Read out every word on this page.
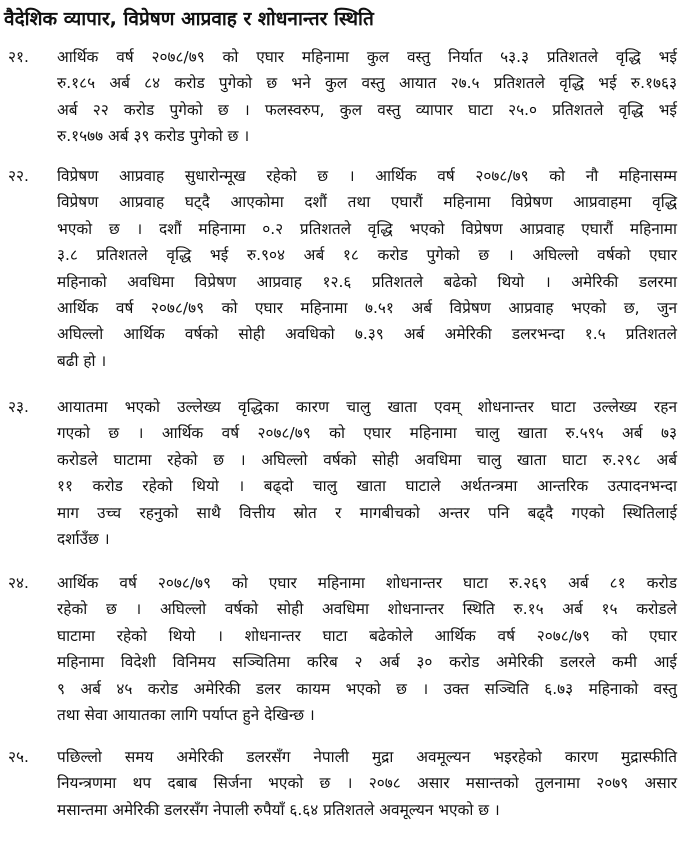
वैदेशिक व्यापार, विप्रेषण आप्रवाह र शोधनान्तर स्थिति
२१. आर्थिक वर्ष २०७८/७९ को एघार महिनामा कुल वस्तु निर्यात ५३.३ प्रतिशतले वृद्धि भई
रु.१८५ अर्ब ८४ करोड पुगेको छ भने कुल वस्तु आयात २७.५ प्रतिशतले वृद्धि भई रु.१७६३
अर्ब २२ करोड पुगेको छ । फलस्वरुप, कुल वस्तु व्यापार घाटा २५.० प्रतिशतले वृद्धि भई
रु.१५७७ अर्ब ३९ करोड पुगेको छ ।
२२. विप्रेषण आप्रवाह सुधारोन्मूख रहेको छ । आर्थिक वर्ष २०७८/७९ को नौ महिनासम्म
विप्रेषण आप्रवाह घट्दै आएकोमा दशौं तथा एघारौं महिनामा विप्रेषण आप्रवाहमा वृद्धि
भएको छ । दशौं महिनामा ०.२ प्रतिशतले वृद्धि भएको विप्रेषण आप्रवाह एघारौं महिनामा
३.८ प्रतिशतले वृद्धि भई रु.९०४ अर्ब १८ करोड पुगेको छ । अघिल्लो वर्षको एघार
महिनाको अवधिमा विप्रेषण आप्रवाह १२.६ प्रतिशतले बढेको थियो । अमेरिकी डलरमा
आर्थिक वर्ष २०७८/७९ को एघार महिनामा ७.५१ अर्ब विप्रेषण आप्रवाह भएको छ, जुन
अघिल्लो आर्थिक वर्षको सोही अवधिको ७.३९ अर्ब अमेरिकी डलरभन्दा १.५ प्रतिशतले
बढी हो ।
२३. आयातमा भएको उल्लेख्य वृद्धिका कारण चालु खाता एवम् शोधनान्तर घाटा उल्लेख्य रहन
गएको छ । आर्थिक वर्ष २०७८/७९ को एघार महिनामा चालु खाता रु.५९५ अर्ब ७३
करोडले घाटामा रहेको छ । अघिल्लो वर्षको सोही अवधिमा चालु खाता घाटा रु.२९८ अर्ब
११ करोड रहेको थियो । बढ्दो चालु खाता घाटाले अर्थतन्त्रमा आन्तरिक उत्पादनभन्दा
माग उच्च रहनुको साथै वित्तीय स्रोत र मागबीचको अन्तर पनि बढ्दै गएको स्थितिलाई
दर्शाउँछ ।
२४. आर्थिक वर्ष २०७८/७९ को एघार महिनामा शोधनान्तर घाटा रु.२६९ अर्ब ८१ करोड
रहेको छ । अघिल्लो वर्षको सोही अवधिमा शोधनान्तर स्थिति रु.१५ अर्ब १५ करोडले
घाटामा रहेको थियो । शोधनान्तर घाटा बढेकोले आर्थिक वर्ष २०७८/७९ को एघार
महिनामा विदेशी विनिमय सञ्चितिमा करिब २ अर्ब ३० करोड अमेरिकी डलरले कमी आई
९ अर्ब ४५ करोड अमेरिकी डलर कायम भएको छ । उक्त सञ्चिति ६.७३ महिनाको वस्तु
तथा सेवा आयातका लागि पर्याप्त हुने देखिन्छ ।
२५. पछिल्लो समय अमेरिकी डलरसँग नेपाली मुद्रा अवमूल्यन भइरहेको कारण मुद्रास्फीति
नियन्त्रणमा थप दबाब सिर्जना भएको छ । २०७८ असार मसान्तको तुलनामा २०७९ असार
मसान्तमा अमेरिकी डलरसँग नेपाली रुपैयाँ ६.६४ प्रतिशतले अवमूल्यन भएको छ ।
